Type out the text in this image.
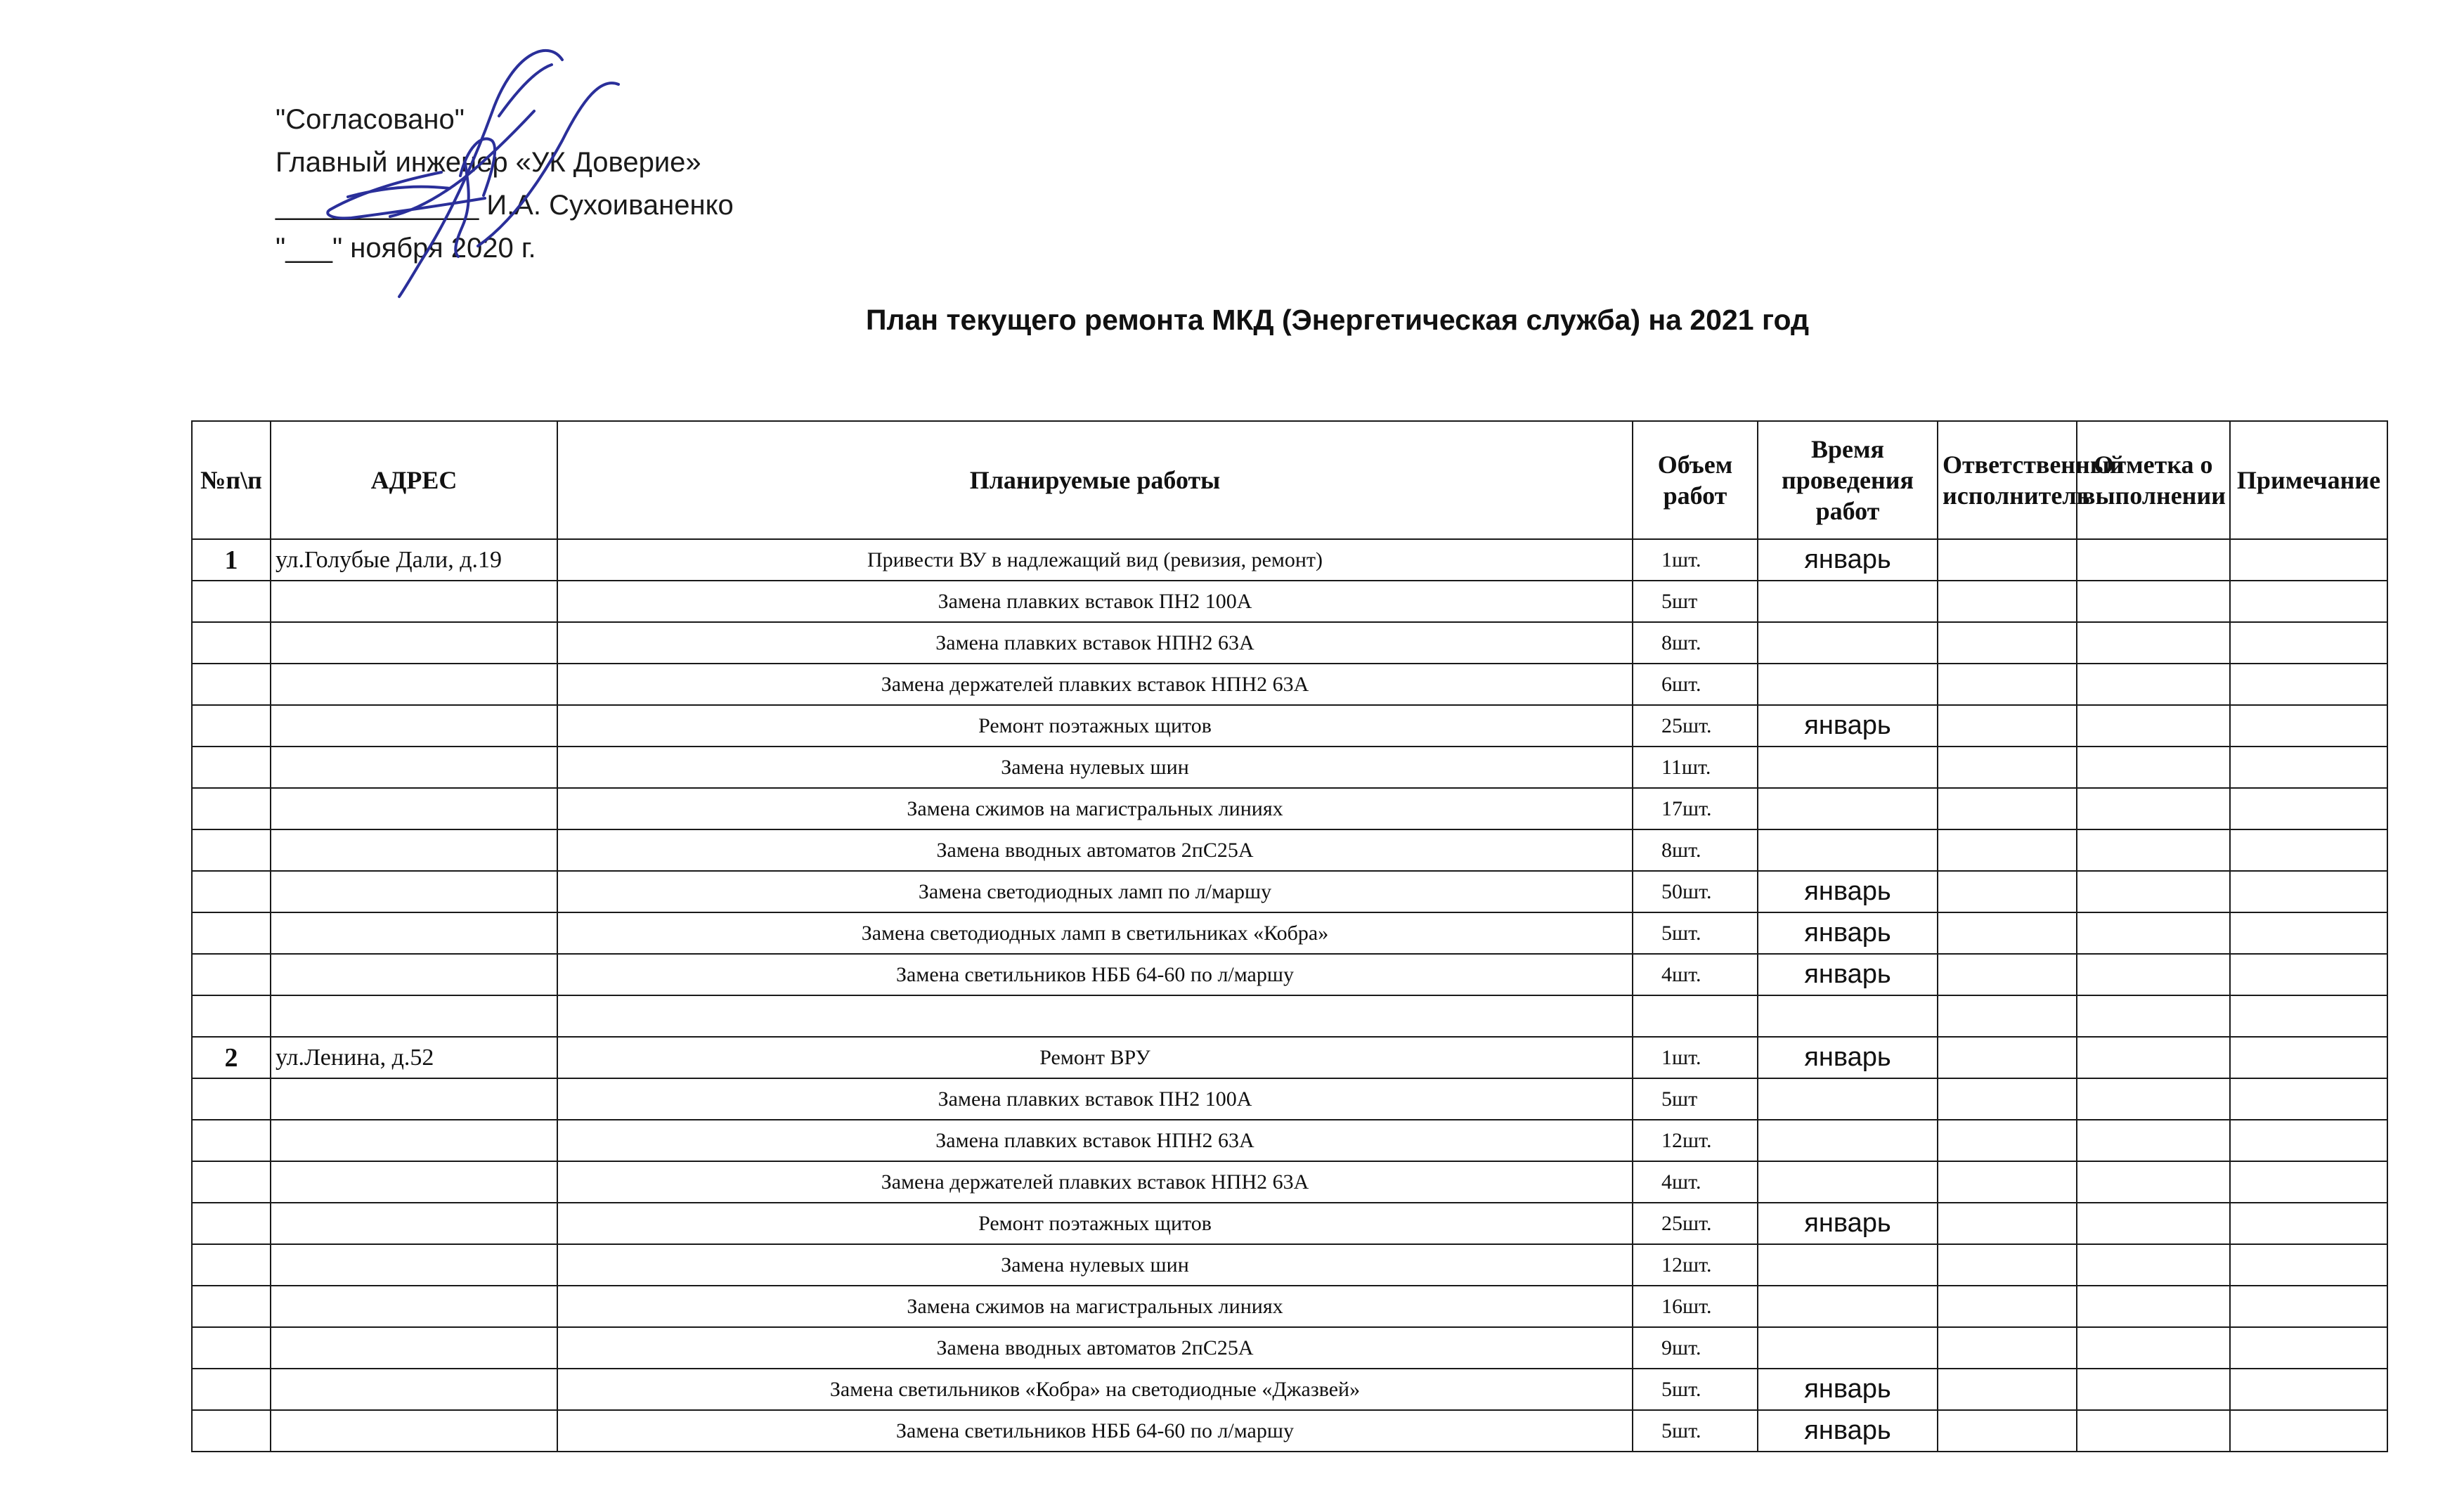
"Согласовано"
Главный инженер «УК Доверие»
_____________ И.А. Сухоиваненко
"___" ноября 2020 г.
План текущего ремонта МКД (Энергетическая служба) на 2021 год
№п\п	АДРЕС	Планируемые работы	Объем работ	Время проведения работ	Ответственный исполнитель	Отметка о выполнении	Примечание
1	ул.Голубые Дали, д.19	Привести ВУ в надлежащий вид (ревизия, ремонт)	1шт.	январь			
		Замена плавких вставок ПН2 100А	5шт				
		Замена плавких вставок НПН2 63А	8шт.				
		Замена держателей плавких вставок НПН2 63А	6шт.				
		Ремонт поэтажных щитов	25шт.	январь			
		Замена нулевых шин	11шт.				
		Замена сжимов на магистральных линиях	17шт.				
		Замена вводных автоматов 2пС25А	8шт.				
		Замена светодиодных ламп по л/маршу	50шт.	январь			
		Замена светодиодных ламп в светильниках «Кобра»	5шт.	январь			
		Замена светильников НББ 64-60 по л/маршу	4шт.	январь			

2	ул.Ленина, д.52	Ремонт ВРУ	1шт.	январь			
		Замена плавких вставок ПН2 100А	5шт				
		Замена плавких вставок НПН2 63А	12шт.				
		Замена держателей плавких вставок НПН2 63А	4шт.				
		Ремонт поэтажных щитов	25шт.	январь			
		Замена нулевых шин	12шт.				
		Замена сжимов на магистральных линиях	16шт.				
		Замена вводных автоматов 2пС25А	9шт.				
		Замена светильников «Кобра» на светодиодные «Джазвей»	5шт.	январь			
		Замена светильников НББ 64-60 по л/маршу	5шт.	январь			
